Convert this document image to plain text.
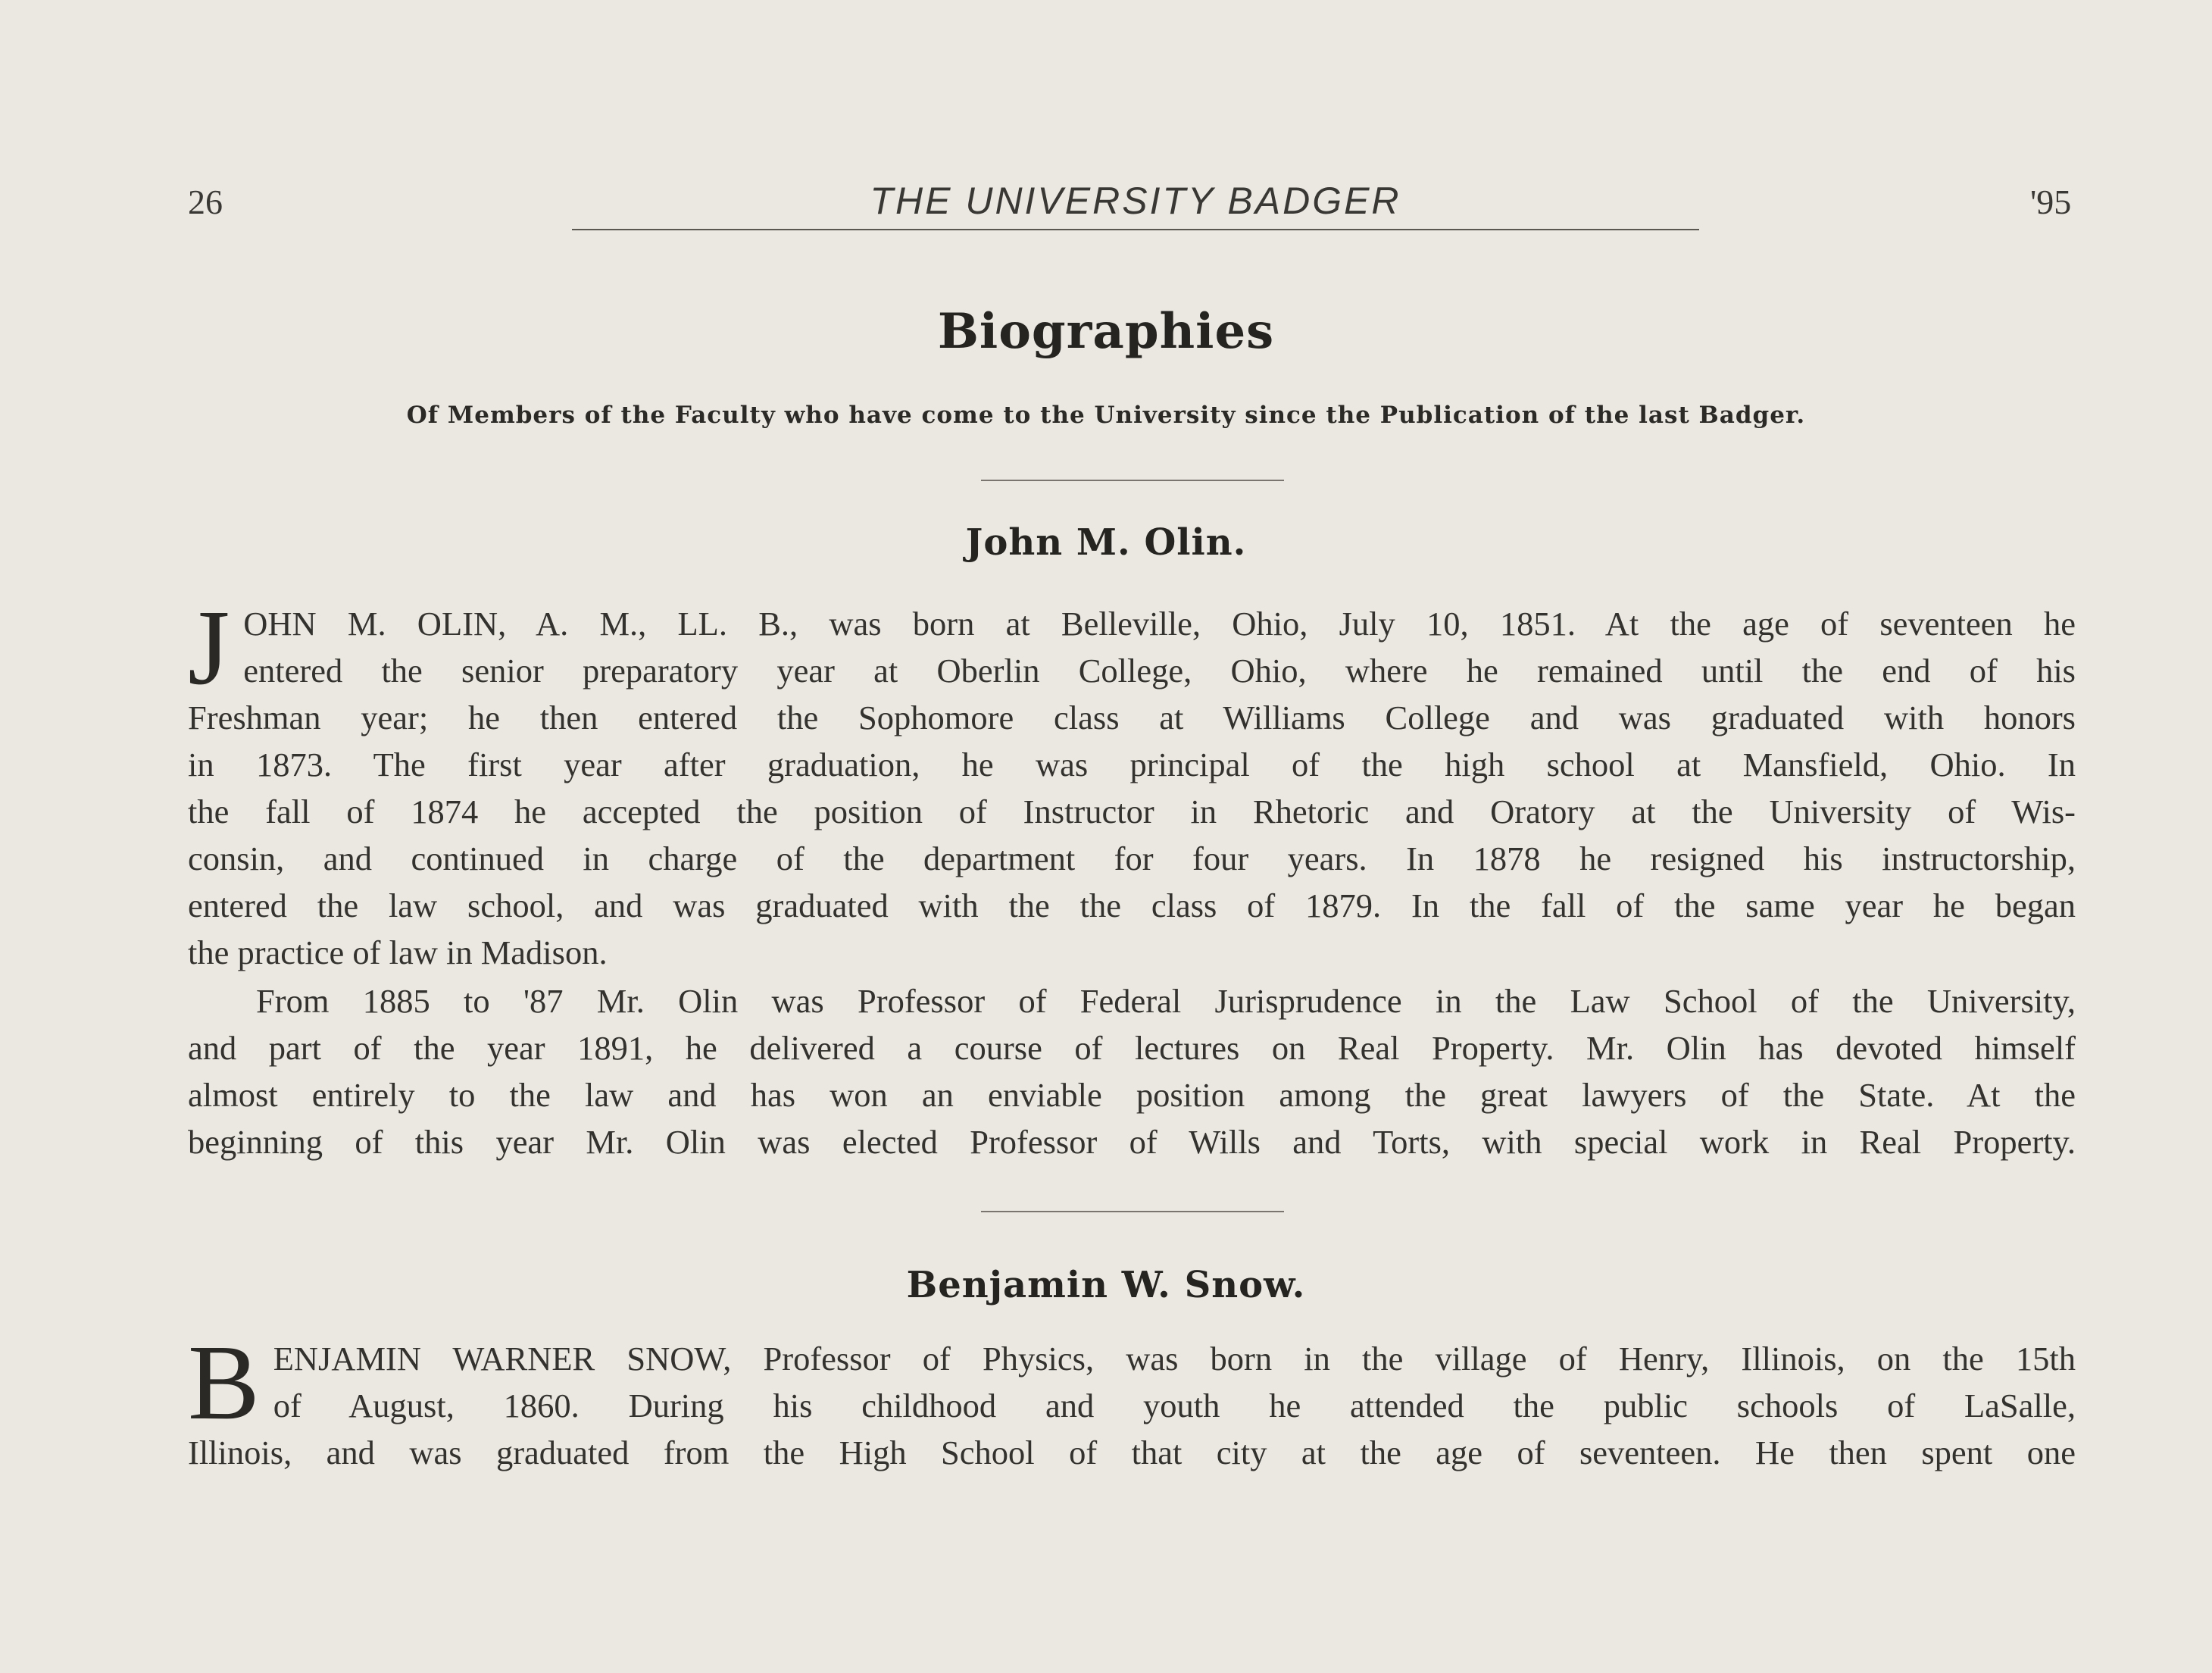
26	THE UNIVERSITY BADGER	'95
Biographies
Of Members of the Faculty who have come to the University since the Publication of the last Badger.
John M. Olin.
J OHN M. OLIN, A. M., LL. B., was born at Belleville, Ohio, July 10, 1851. At the age of seventeen he
entered the senior preparatory year at Oberlin College, Ohio, where he remained until the end of his
Freshman year; he then entered the Sophomore class at Williams College and was graduated with honors
in 1873. The first year after graduation, he was principal of the high school at Mansfield, Ohio. In
the fall of 1874 he accepted the position of Instructor in Rhetoric and Oratory at the University of Wis-
consin, and continued in charge of the department for four years. In 1878 he resigned his instructorship,
entered the law school, and was graduated with the the class of 1879. In the fall of the same year he began
the practice of law in Madison.
From 1885 to '87 Mr. Olin was Professor of Federal Jurisprudence in the Law School of the University,
and part of the year 1891, he delivered a course of lectures on Real Property. Mr. Olin has devoted himself
almost entirely to the law and has won an enviable position among the great lawyers of the State. At the
beginning of this year Mr. Olin was elected Professor of Wills and Torts, with special work in Real Property.
Benjamin W. Snow.
B ENJAMIN WARNER SNOW, Professor of Physics, was born in the village of Henry, Illinois, on the 15th
of August, 1860. During his childhood and youth he attended the public schools of LaSalle,
Illinois, and was graduated from the High School of that city at the age of seventeen. He then spent one
